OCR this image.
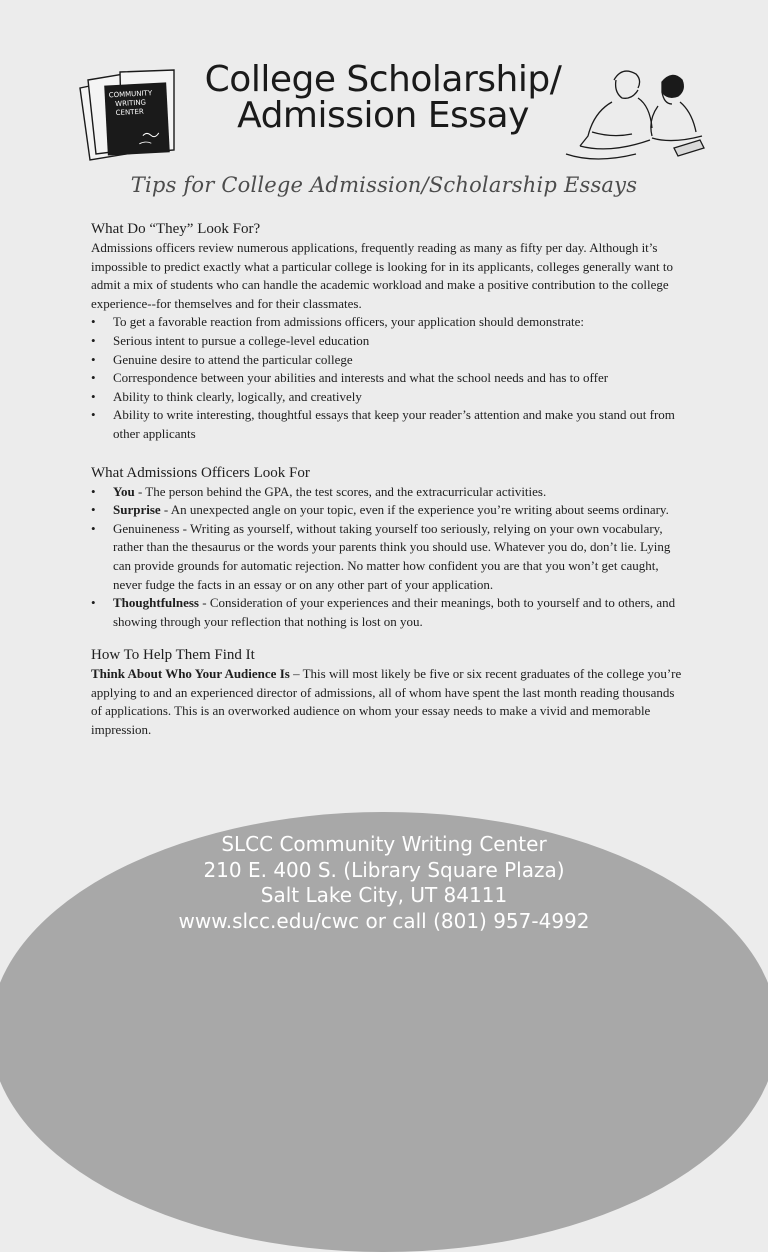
COMMUNITY
WRITING
CENTER
College Scholarship/
Admission Essay
Tips for College Admission/Scholarship Essays
What Do “They” Look For?

Admissions officers review numerous applications, frequently reading as many as fifty per day. Although it’s impossible to predict exactly what a particular college is looking for in its applicants, colleges generally want to admit a mix of students who can handle the academic workload and make a positive contribution to the college experience--for themselves and for their classmates.

• To get a favorable reaction from admissions officers, your application should demonstrate:
• Serious intent to pursue a college-level education
• Genuine desire to attend the particular college
• Correspondence between your abilities and interests and what the school needs and has to offer
• Ability to think clearly, logically, and creatively
• Ability to write interesting, thoughtful essays that keep your reader’s attention and make you stand out from other applicants
What Admissions Officers Look For
• You - The person behind the GPA, the test scores, and the extracurricular activities.
• Surprise - An unexpected angle on your topic, even if the experience you’re writing about seems ordinary.
• Genuineness - Writing as yourself, without taking yourself too seriously, relying on your own vocabulary, rather than the thesaurus or the words your parents think you should use. Whatever you do, don’t lie. Lying can provide grounds for automatic rejection. No matter how confident you are that you won’t get caught, never fudge the facts in an essay or on any other part of your application.
• Thoughtfulness - Consideration of your experiences and their meanings, both to yourself and to others, and showing through your reflection that nothing is lost on you.
How To Help Them Find It

Think About Who Your Audience Is – This will most likely be five or six recent graduates of the college you’re applying to and an experienced director of admissions, all of whom have spent the last month reading thousands of applications. This is an overworked audience on whom your essay needs to make a vivid and memorable impression.

SLCC Community Writing Center
210 E. 400 S. (Library Square Plaza)
Salt Lake City, UT 84111
www.slcc.edu/cwc or call (801) 957-4992
